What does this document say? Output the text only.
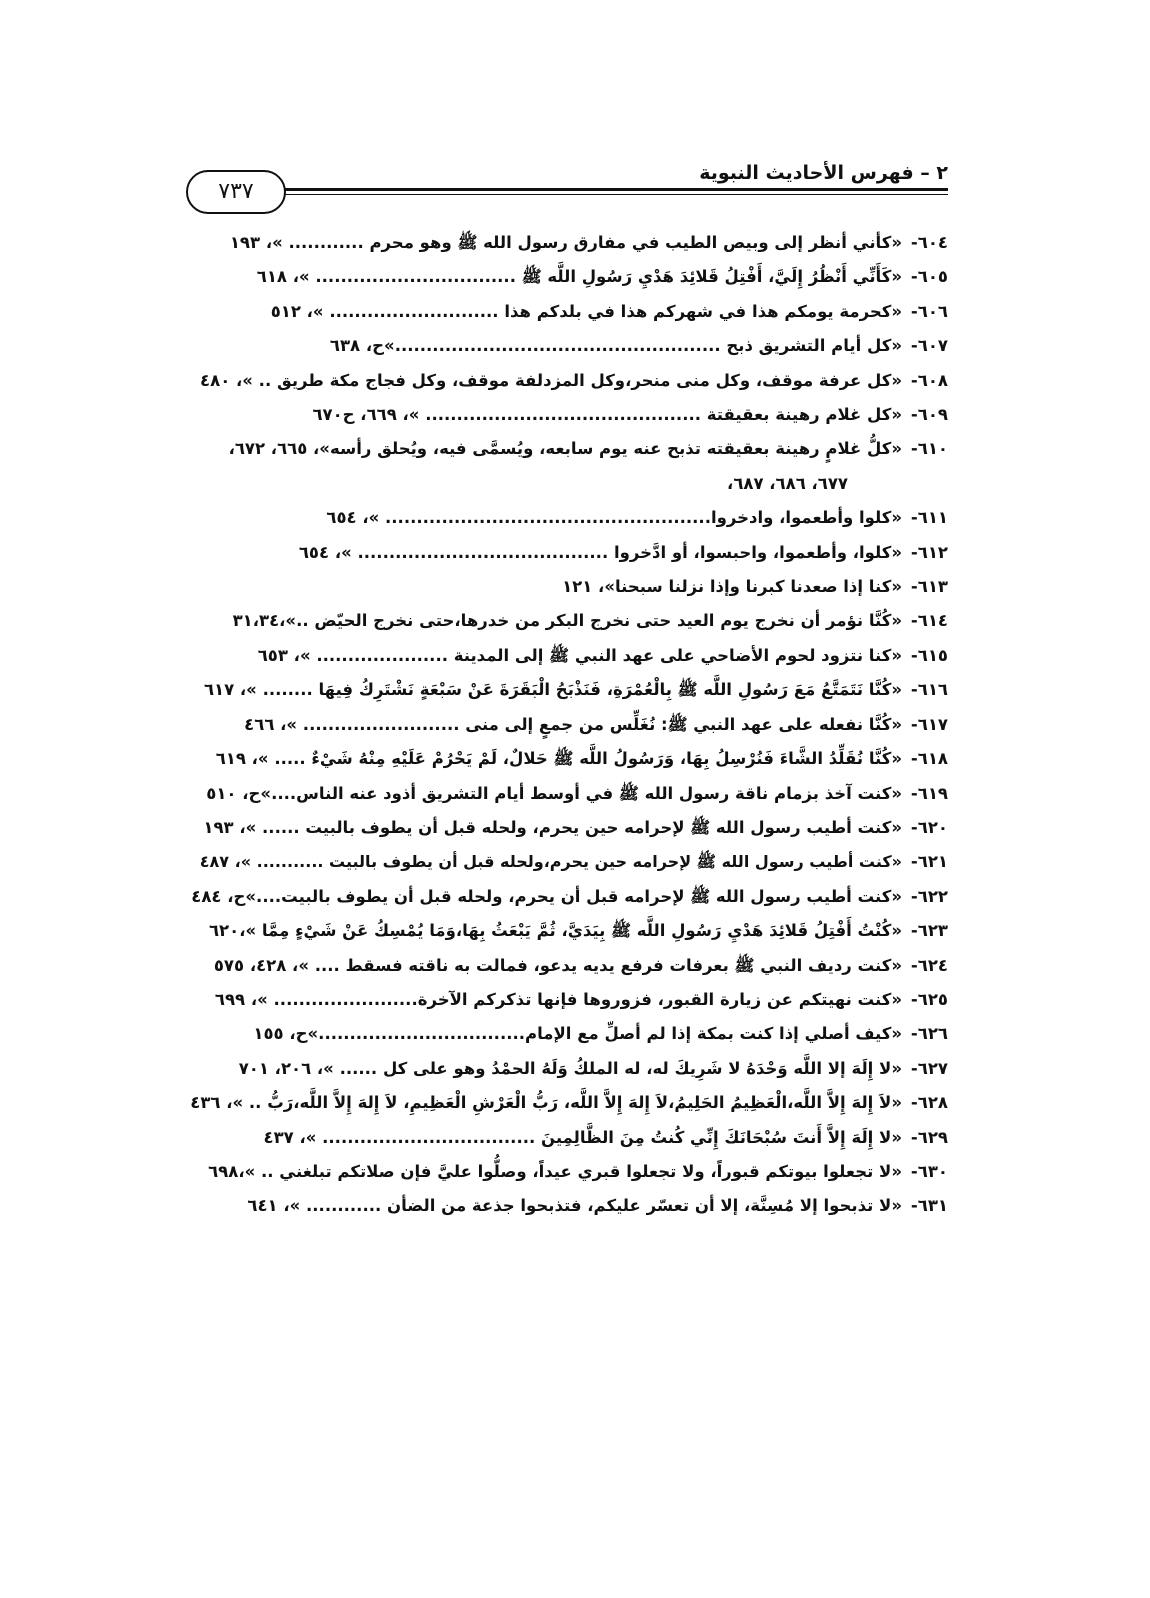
٢ – فهرس الأحاديث النبوية
٧٣٧
٦٠٤-«كأني أنظر إلى وبيص الطيب في مفارق رسول الله ﷺ وهو محرم ............ »، ١٩٣
٦٠٥-«كَأَنِّي أَنْظُرُ إِلَيَّ، أَفْتِلُ قَلائِدَ هَدْيِ رَسُولِ اللَّه ﷺ ................................ »، ٦١٨
٦٠٦-«كحرمة يومكم هذا في شهركم هذا في بلدكم هذا ........................... »، ٥١٢
٦٠٧-«كل أيام التشريق ذبح ....................................................»ح، ٦٣٨
٦٠٨-«كل عرفة موقف، وكل منى منحر،وكل المزدلفة موقف، وكل فجاج مكة طريق .. »، ٤٨٠
٦٠٩-«كل غلام رهينة بعقيقتة ............................................ »، ٦٦٩، ح٦٧٠
٦١٠-«كلُّ غلامٍ رهينة بعقيقته تذبح عنه يوم سابعه، ويُسمَّى فيه، ويُحلق رأسه»، ٦٦٥، ٦٧٢،
٦٧٧، ٦٨٦، ٦٨٧،
٦١١-«كلوا وأطعموا، وادخروا.................................................... »، ٦٥٤
٦١٢-«كلوا، وأطعموا، واحبسوا، أو ادَّخروا ........................................ »، ٦٥٤
٦١٣-«كنا إذا صعدنا كبرنا وإذا نزلنا سبحنا»، ١٢١
٦١٤-«كُنَّا نؤمر أن نخرج يوم العيد حتى نخرج البكر من خدرها،حتى نخرج الحيّض ..»،٣١،٣٤
٦١٥-«كنا نتزود لحوم الأضاحي على عهد النبي ﷺ إلى المدينة ..................... »، ٦٥٣
٦١٦-«كُنَّا نَتَمَتَّعُ مَعَ رَسُولِ اللَّه ﷺ بِالْعُمْرَةِ، فَنَذْبَحُ الْبَقَرَةَ عَنْ سَبْعَةٍ نَشْتَرِكُ فِيهَا ........ »، ٦١٧
٦١٧-«كُنَّا نفعله على عهد النبي ﷺ: نُغَلِّس من جمعٍ إلى منى ......................... »، ٤٦٦
٦١٨-«كُنَّا نُقَلِّدُ الشَّاءَ فَنُرْسِلُ بِهَا، وَرَسُولُ اللَّه ﷺ حَلالٌ، لَمْ يَحْرُمْ عَلَيْهِ مِنْهُ شَيْءٌ ..... »، ٦١٩
٦١٩-«كنت آخذ بزمام ناقة رسول الله ﷺ في أوسط أيام التشريق أذود عنه الناس....»ح، ٥١٠
٦٢٠-«كنت أطيب رسول الله ﷺ لإحرامه حين يحرم، ولحله قبل أن يطوف بالبيت ...... »، ١٩٣
٦٢١-«كنت أطيب رسول الله ﷺ لإحرامه حين يحرم،ولحله قبل أن يطوف بالبيت ........... »، ٤٨٧
٦٢٢-«كنت أطيب رسول الله ﷺ لإحرامه قبل أن يحرم، ولحله قبل أن يطوف بالبيت....»ح، ٤٨٤
٦٢٣-«كُنْتُ أَفْتِلُ قَلائِدَ هَدْيِ رَسُولِ اللَّه ﷺ بِيَدَيَّ، ثُمَّ يَبْعَثُ بِهَا،وَمَا يُمْسِكُ عَنْ شَيْءٍ مِمَّا »،٦٢٠
٦٢٤-«كنت رديف النبي ﷺ بعرفات فرفع يديه يدعو، فمالت به ناقته فسقط .... »، ٤٢٨، ٥٧٥
٦٢٥-«كنت نهيتكم عن زيارة القبور، فزوروها فإنها تذكركم الآخرة....................... »، ٦٩٩
٦٢٦-«كيف أصلي إذا كنت بمكة إذا لم أصلِّ مع الإمام.................................»ح، ١٥٥
٦٢٧-«لا إِلَهَ إلا اللَّه وَحْدَهُ لا شَرِيكَ له، له الملكُ وَلَهُ الحمْدُ وهو على كل ...... »، ٢٠٦، ٧٠١
٦٢٨-«لاَ إِلهَ إِلاَّ اللَّه،الْعَظِيمُ الحَلِيمُ،لاَ إِلهَ إِلاَّ اللَّه، رَبُّ الْعَرْشِ الْعَظِيمِ، لاَ إِلهَ إِلاَّ اللَّه،رَبُّ .. »، ٤٣٦
٦٢٩-«لا إِلَهَ إِلاَّ أَنتَ سُبْحَانَكَ إِنِّي كُنتُ مِنَ الظَّالِمِينَ .................................. »، ٤٣٧
٦٣٠-«لا تجعلوا بيوتكم قبوراً، ولا تجعلوا قبري عيداً، وصلُّوا عليَّ فإن صلاتكم تبلغني .. »،٦٩٨
٦٣١-«لا تذبحوا إلا مُسِنَّة، إلا أن تعسّر عليكم، فتذبحوا جذعة من الضأن ............ »، ٦٤١
